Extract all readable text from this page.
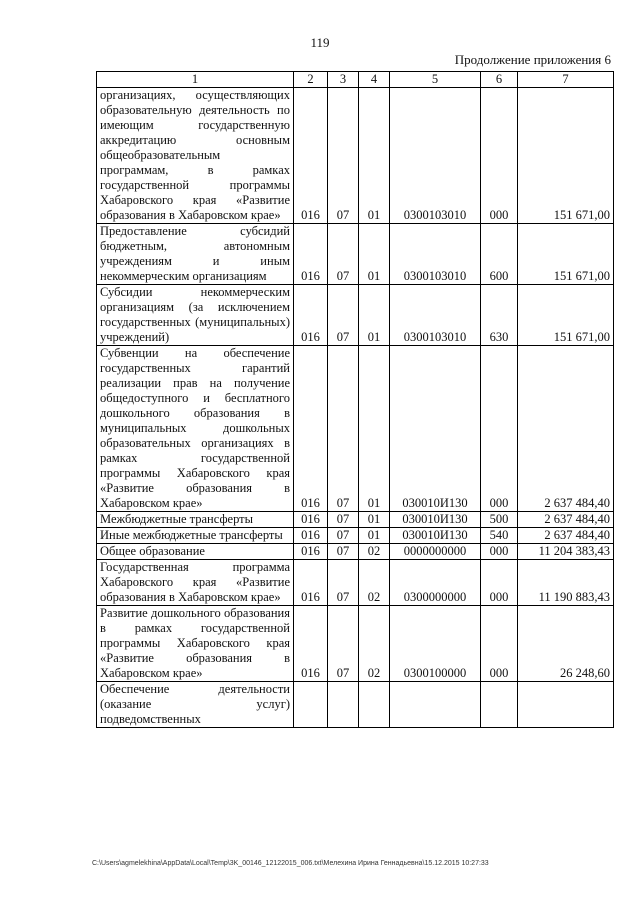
119
Продолжение приложения 6
1	2	3	4	5	6	7
организациях, осуществляющих образовательную деятельность по имеющим государственную аккредитацию основным общеобразовательным программам, в рамках государственной программы Хабаровского края «Развитие образования в Хабаровском крае»	016	07	01	0300103010	000	151 671,00
Предоставление субсидий бюджетным, автономным учреждениям и иным некоммерческим организациям	016	07	01	0300103010	600	151 671,00
Субсидии некоммерческим организациям (за исключением государственных (муниципальных) учреждений)	016	07	01	0300103010	630	151 671,00
Субвенции на обеспечение государственных гарантий реализации прав на получение общедоступного и бесплатного дошкольного образования в муниципальных дошкольных образовательных организациях в рамках государственной программы Хабаровского края «Развитие образования в Хабаровском крае»	016	07	01	030010И130	000	2 637 484,40
Межбюджетные трансферты	016	07	01	030010И130	500	2 637 484,40
Иные межбюджетные трансферты	016	07	01	030010И130	540	2 637 484,40
Общее образование	016	07	02	0000000000	000	11 204 383,43
Государственная программа Хабаровского края «Развитие образования в Хабаровском крае»	016	07	02	0300000000	000	11 190 883,43
Развитие дошкольного образования в рамках государственной программы Хабаровского края «Развитие образования в Хабаровском крае»	016	07	02	0300100000	000	26 248,60
Обеспечение деятельности (оказание услуг) подведомственных						
C:\Users\agmelekhina\AppData\Local\Temp\3K_00146_12122015_006.txt\Мелехина Ирина Геннадьевна\15.12.2015 10:27:33
